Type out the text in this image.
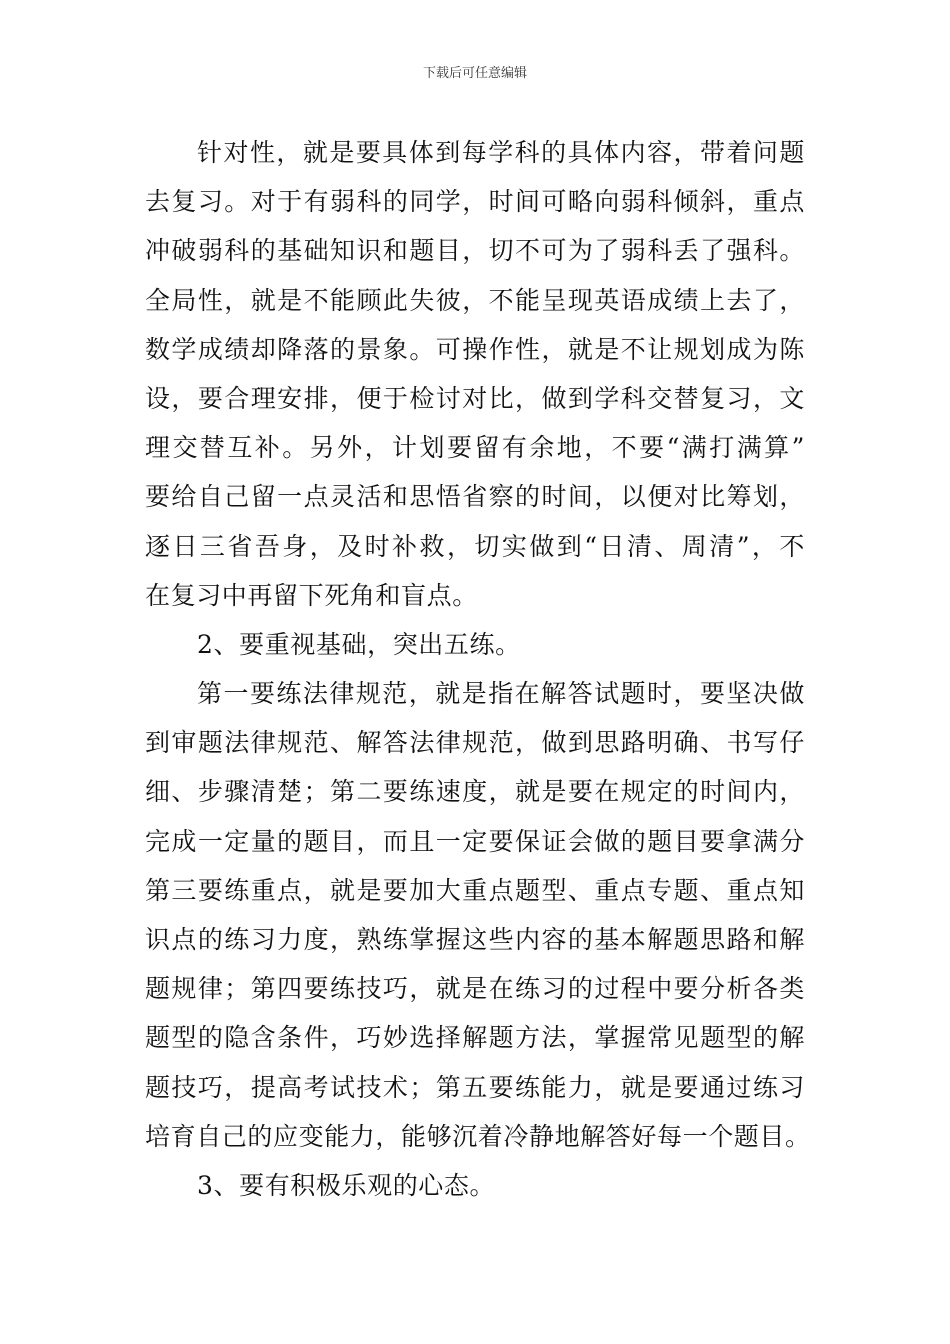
下载后可任意编辑
针对性，就是要具体到每学科的具体内容，带着问题
去复习。对于有弱科的同学，时间可略向弱科倾斜，重点
冲破弱科的基础知识和题目，切不可为了弱科丢了强科。
全局性，就是不能顾此失彼，不能呈现英语成绩上去了，
数学成绩却降落的景象。可操作性，就是不让规划成为陈
设，要合理安排，便于检讨对比，做到学科交替复习，文
理交替互补。另外，计划要留有余地，不要“满打满算”
要给自己留一点灵活和思悟省察的时间，以便对比筹划，
逐日三省吾身，及时补救，切实做到“日清、周清”，不
在复习中再留下死角和盲点。
2、要重视基础，突出五练。
第一要练法律规范，就是指在解答试题时，要坚决做
到审题法律规范、解答法律规范，做到思路明确、书写仔
细、步骤清楚；第二要练速度，就是要在规定的时间内，
完成一定量的题目，而且一定要保证会做的题目要拿满分
第三要练重点，就是要加大重点题型、重点专题、重点知
识点的练习力度，熟练掌握这些内容的基本解题思路和解
题规律；第四要练技巧，就是在练习的过程中要分析各类
题型的隐含条件，巧妙选择解题方法，掌握常见题型的解
题技巧，提高考试技术；第五要练能力，就是要通过练习
培育自己的应变能力，能够沉着冷静地解答好每一个题目。
3、要有积极乐观的心态。
